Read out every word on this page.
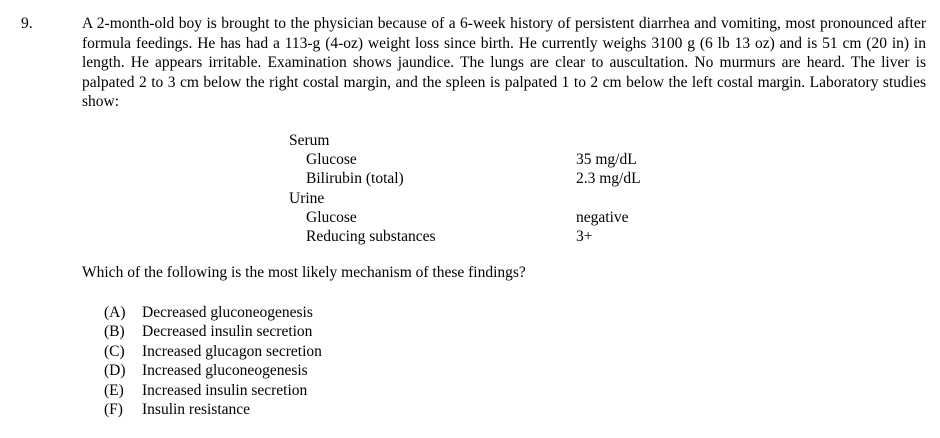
9.	A 2-month-old boy is brought to the physician because of a 6-week history of persistent diarrhea and vomiting, most pronounced after formula feedings. He has had a 113-g (4-oz) weight loss since birth. He currently weighs 3100 g (6 lb 13 oz) and is 51 cm (20 in) in length. He appears irritable. Examination shows jaundice. The lungs are clear to auscultation. No murmurs are heard. The liver is palpated 2 to 3 cm below the right costal margin, and the spleen is palpated 1 to 2 cm below the left costal margin. Laboratory studies show:
Serum
Glucose	35 mg/dL
Bilirubin (total)	2.3 mg/dL
Urine
Glucose	negative
Reducing substances	3+
Which of the following is the most likely mechanism of these findings?
(A) Decreased gluconeogenesis
(B) Decreased insulin secretion
(C) Increased glucagon secretion
(D) Increased gluconeogenesis
(E) Increased insulin secretion
(F) Insulin resistance
